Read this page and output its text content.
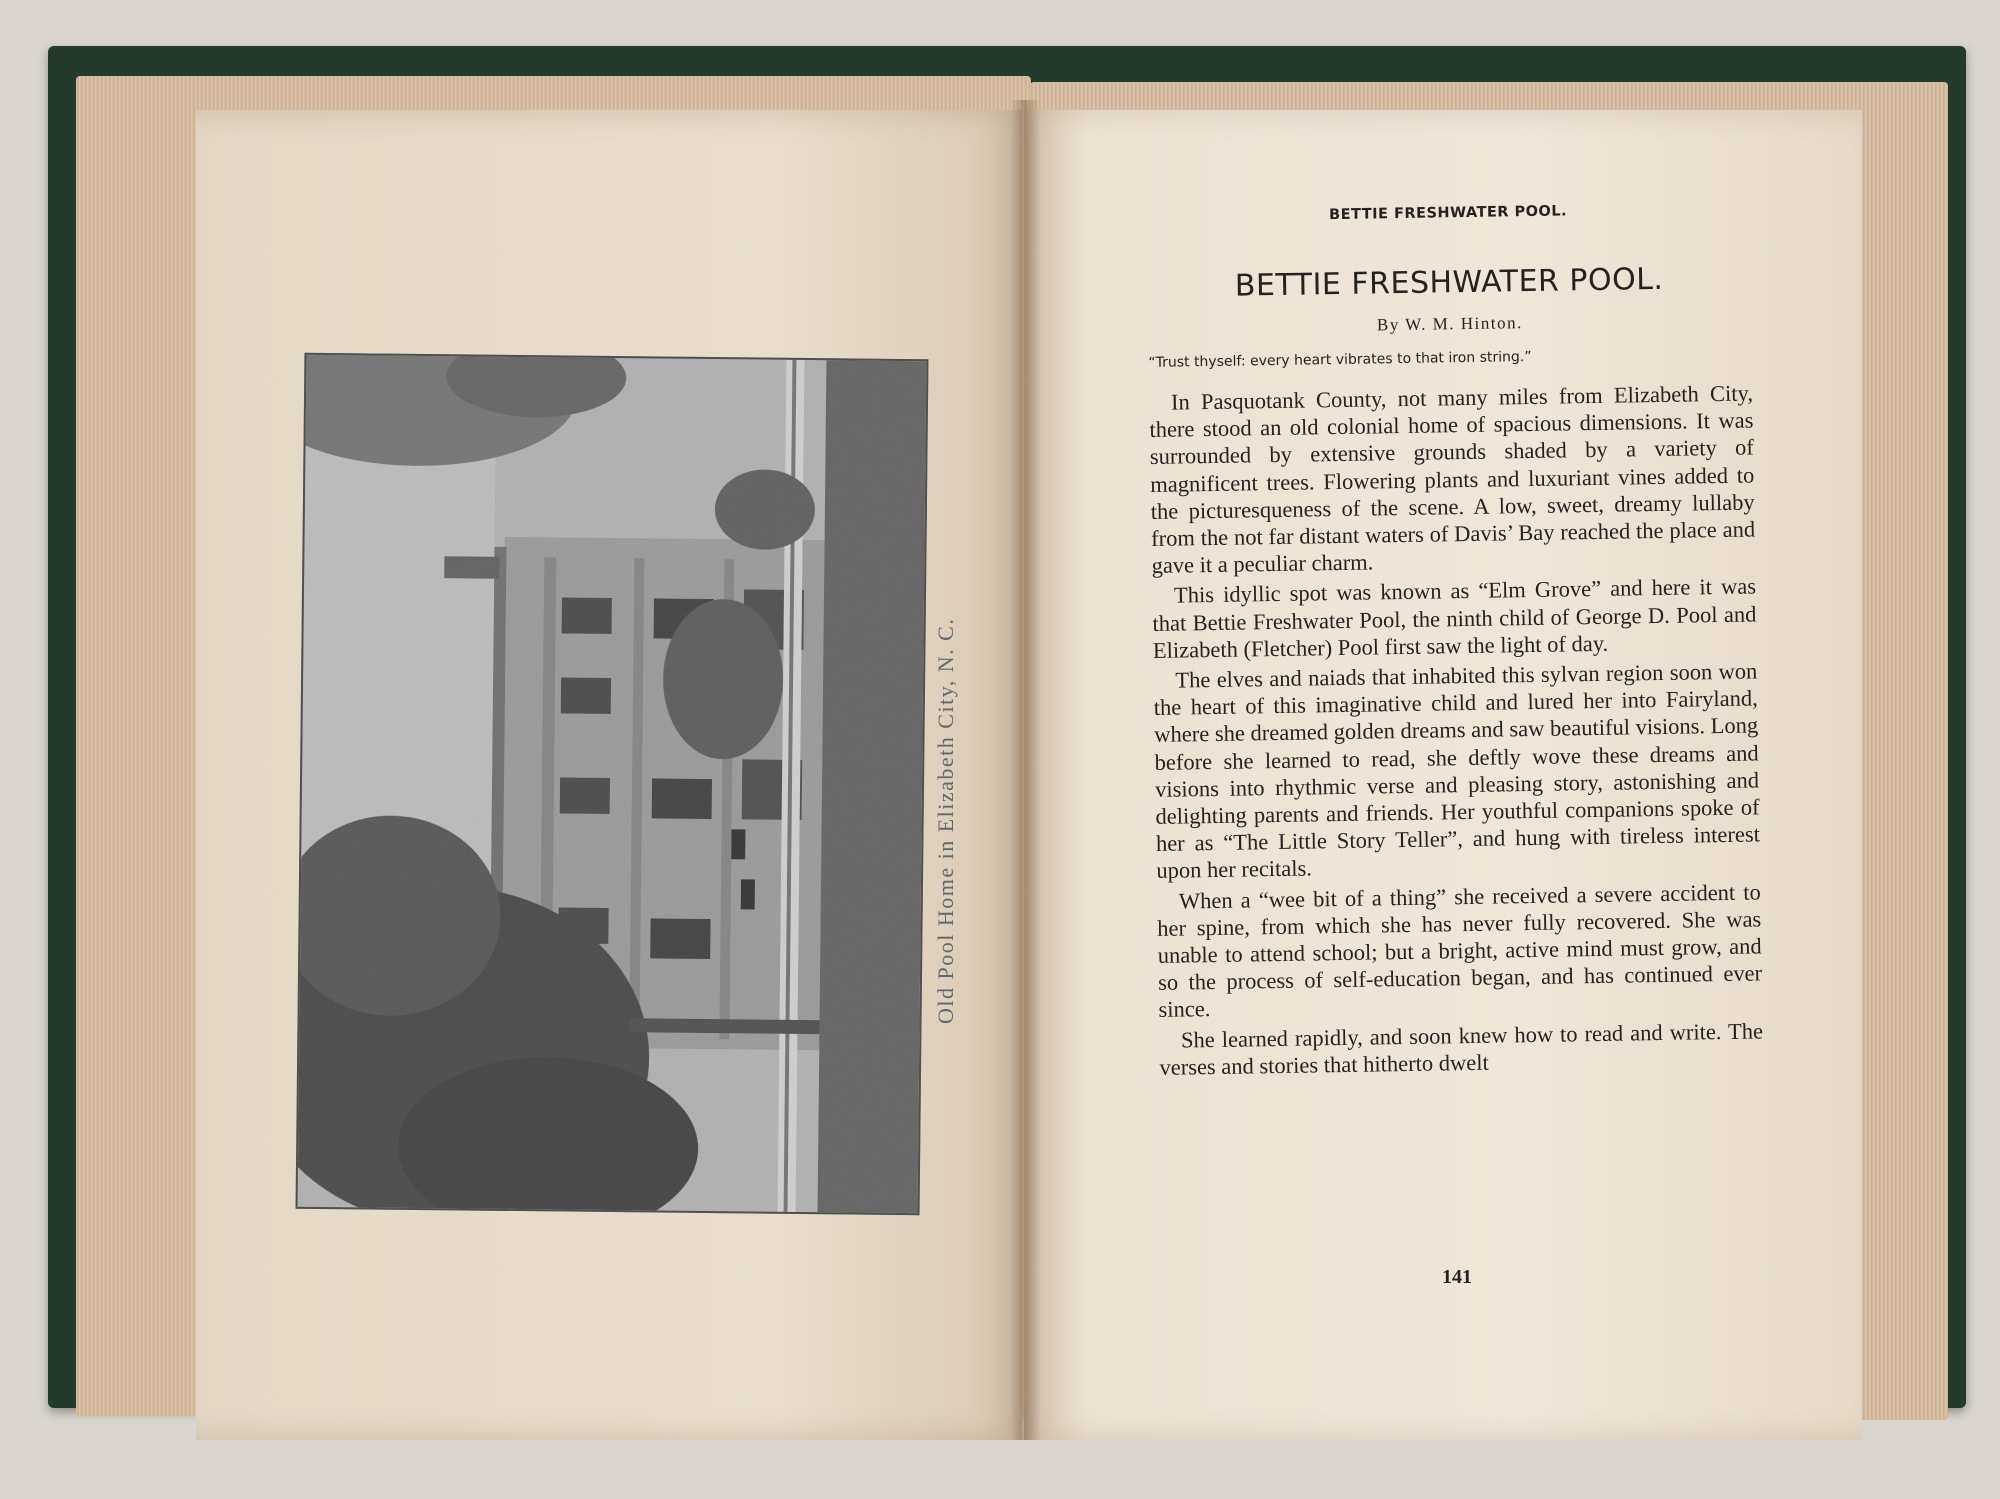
Old Pool Home in Elizabeth City, N. C.
BETTIE FRESHWATER POOL.
BETTIE FRESHWATER POOL.
By W. M. Hinton.
“Trust thyself: every heart vibrates to that iron string.”

In Pasquotank County, not many miles from Elizabeth City, there stood an old colonial home of spacious dimensions. It was surrounded by extensive grounds shaded by a variety of magnificent trees. Flowering plants and luxuriant vines added to the picturesqueness of the scene. A low, sweet, dreamy lullaby from the not far distant waters of Davis’ Bay reached the place and gave it a peculiar charm.

This idyllic spot was known as “Elm Grove” and here it was that Bettie Freshwater Pool, the ninth child of George D. Pool and Elizabeth (Fletcher) Pool first saw the light of day.

The elves and naiads that inhabited this sylvan region soon won the heart of this imaginative child and lured her into Fairyland, where she dreamed golden dreams and saw beautiful visions. Long before she learned to read, she deftly wove these dreams and visions into rhythmic verse and pleasing story, astonishing and delighting parents and friends. Her youthful companions spoke of her as “The Little Story Teller”, and hung with tireless interest upon her recitals.

When a “wee bit of a thing” she received a severe accident to her spine, from which she has never fully recovered. She was unable to attend school; but a bright, active mind must grow, and so the process of self-education began, and has continued ever since.

She learned rapidly, and soon knew how to read and write. The verses and stories that hitherto dwelt

141
